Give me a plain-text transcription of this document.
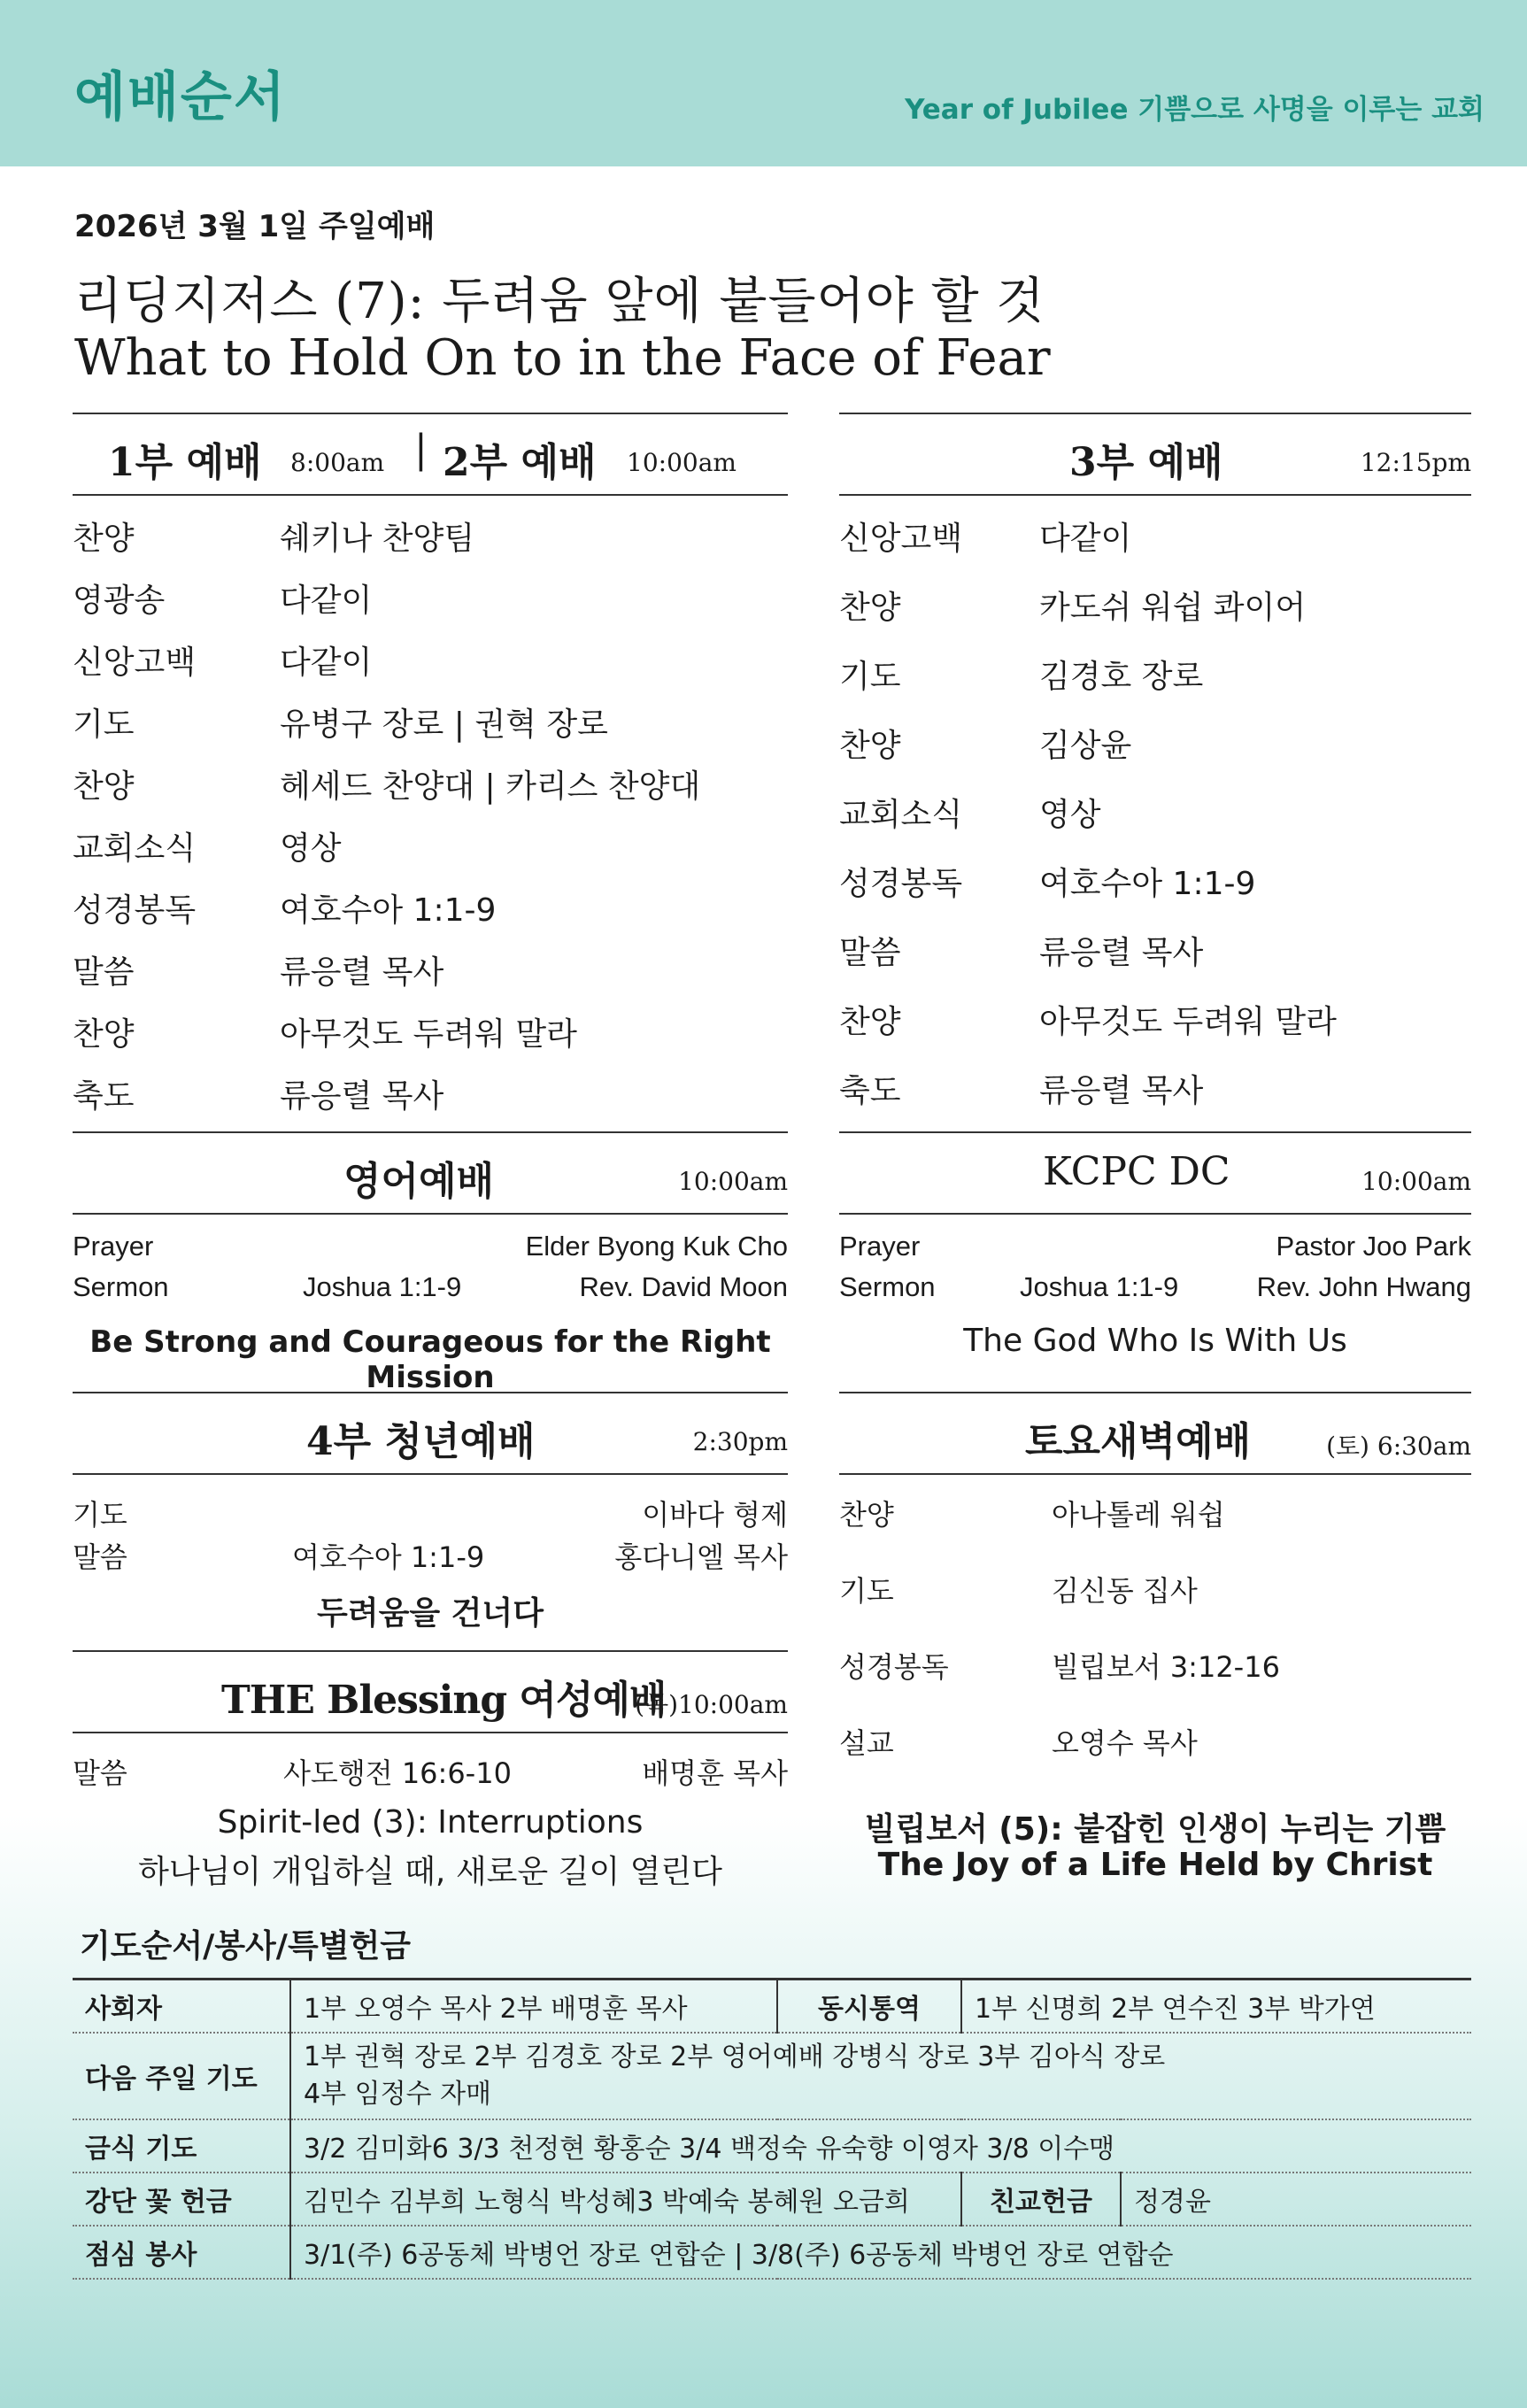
예배순서	Year of Jubilee 기쁨으로 사명을 이루는 교회
2026년 3월 1일 주일예배
리딩지저스 (7): 두려움 앞에 붙들어야 할 것
What to Hold On to in the Face of Fear
1부 예배 8:00am | 2부 예배 10:00am
찬양	쉐키나 찬양팀
영광송	다같이
신앙고백	다같이
기도	유병구 장로 | 권혁 장로
찬양	헤세드 찬양대 | 카리스 찬양대
교회소식	영상
성경봉독	여호수아 1:1-9
말씀	류응렬 목사
찬양	아무것도 두려워 말라
축도	류응렬 목사
영어예배	10:00am
Prayer	Elder Byong Kuk Cho
Sermon	Joshua 1:1-9	Rev. David Moon
Be Strong and Courageous for the Right Mission
4부 청년예배	2:30pm
기도	이바다 형제
말씀	여호수아 1:1-9	홍다니엘 목사
두려움을 건너다
THE Blessing 여성예배
(목)10:00am
말씀	사도행전 16:6-10	배명훈 목사
Spirit-led (3): Interruptions
하나님이 개입하실 때, 새로운 길이 열린다
3부 예배	12:15pm
신앙고백 다같이
찬양	카도쉬 워쉽 콰이어
기도	김경호 장로
찬양	김상윤
교회소식 영상
성경봉독 여호수아 1:1-9
말씀	류응렬 목사
찬양	아무것도 두려워 말라
축도	류응렬 목사
KCPC DC	10:00am
Prayer	Pastor Joo Park
Sermon	Joshua 1:1-9	Rev. John Hwang
The God Who Is With Us
토요새벽예배	(토) 6:30am
찬양	아나톨레 워쉽
기도	김신동 집사
성경봉독	빌립보서 3:12-16
설교	오영수 목사
빌립보서 (5): 붙잡힌 인생이 누리는 기쁨
The Joy of a Life Held by Christ
기도순서/봉사/특별헌금
사회자	1부 오영수 목사 2부 배명훈 목사	동시통역	1부 신명희 2부 연수진 3부 박가연	
다음 주일 기도	1부 권혁 장로 2부 김경호 장로 2부 영어예배 강병식 장로 3부 김아식 장로
4부 임정수 자매			

금식 기도	3/2 김미화6 3/3 천정현 황홍순 3/4 백정숙 유숙향 이영자 3/8 이수맹			
강단 꽃 헌금	김민수 김부희 노형식 박성혜3 박예숙 봉혜원 오금희		친교헌금	정경윤
점심 봉사	3/1(주) 6공동체 박병언 장로 연합순 | 3/8(주) 6공동체 박병언 장로 연합순			
